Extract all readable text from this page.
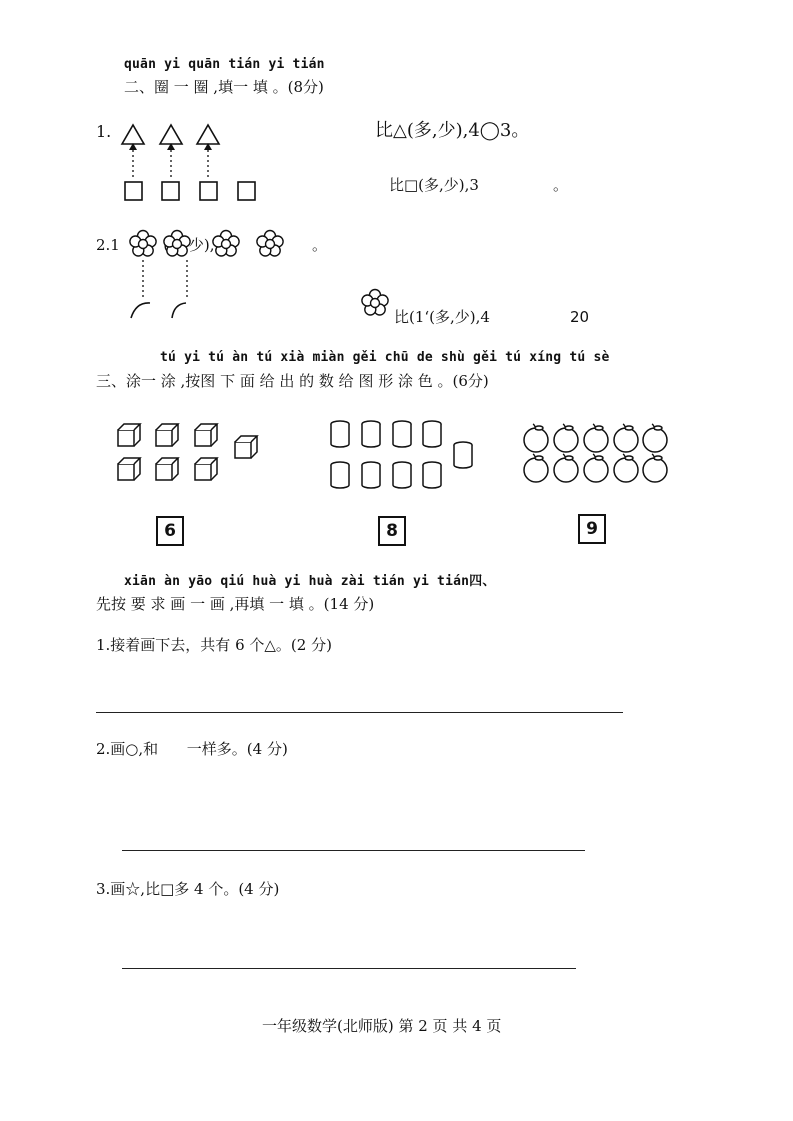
quān yi quān tián yi tián
二、圈 一 圈 ,填一 填 。(8分)
1.	比△(多,少),4◯3。
比□(多,少),3	。
2.1	(多,少),2	。
比(1‘(多,少),4	20
tú yi tú àn tú xià miàn gěi chū de shù gěi tú xíng tú sè
三、涂一 涂 ,按图 下 面 给 出 的 数 给 图 形 涂 色 。(6分)
6	8	9
xiān àn yāo qiú huà yi huà zài tián yi tián四、
先按 要 求 画 一 画 ,再填 一 填 。(14 分)
1.接着画下去，共有 6 个△。(2 分)
2.画○,和      一样多。(4 分)
3.画☆,比□多 4 个。(4 分)
一年级数学(北师版) 第 2 页 共 4 页
